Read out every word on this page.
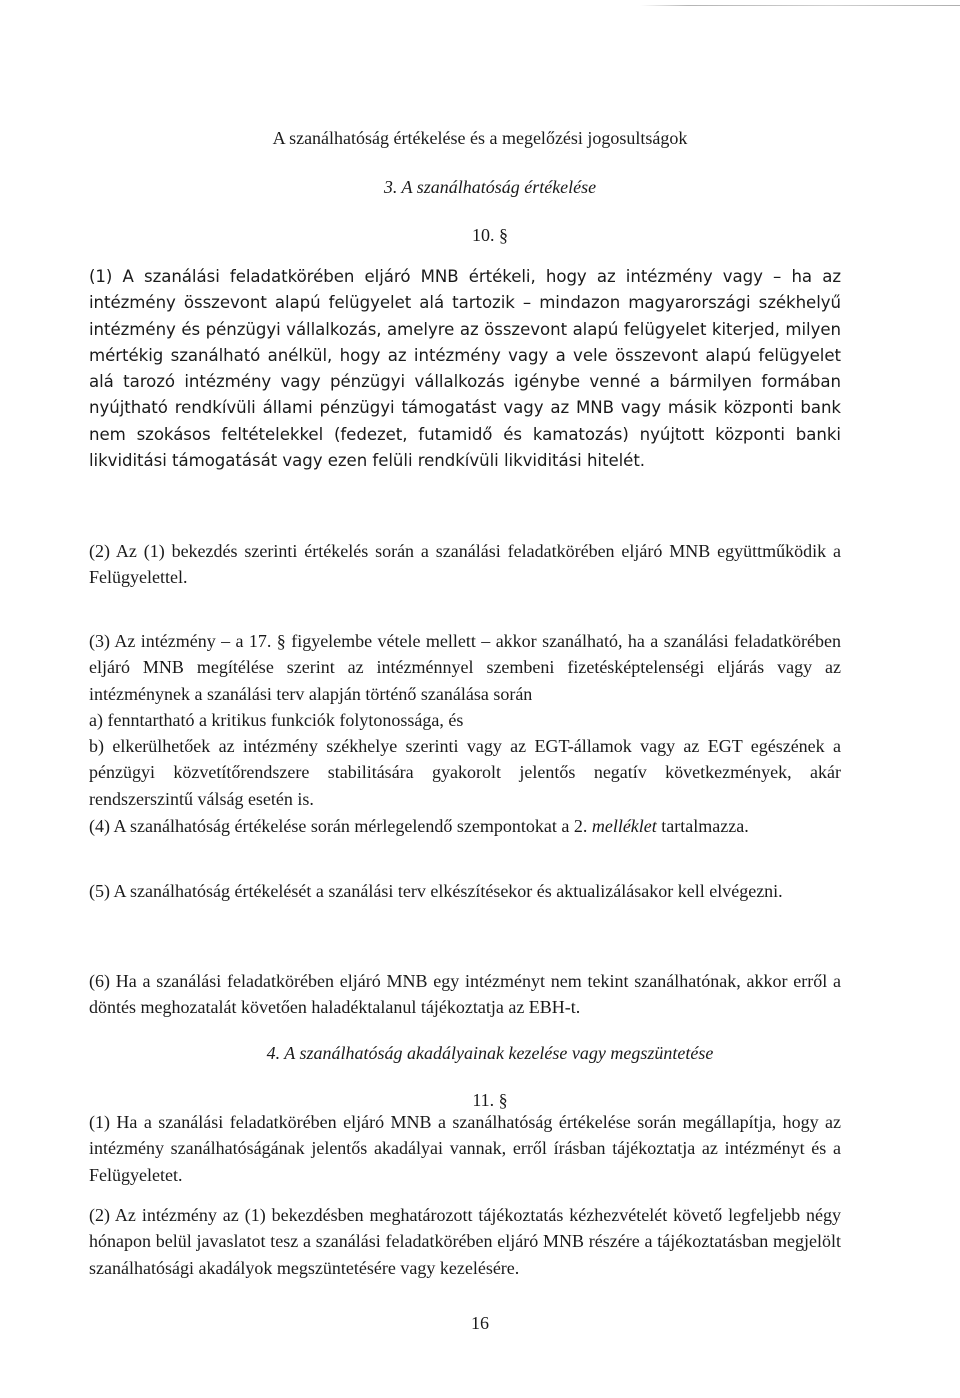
A szanálhatóság értékelése és a megelőzési jogosultságok
3. A szanálhatóság értékelése
10. §

(1) A szanálási feladatkörében eljáró MNB értékeli, hogy az intézmény vagy – ha az intézmény összevont alapú felügyelet alá tartozik – mindazon magyarországi székhelyű intézmény és pénzügyi vállalkozás, amelyre az összevont alapú felügyelet kiterjed, milyen mértékig szanálható anélkül, hogy az intézmény vagy a vele összevont alapú felügyelet alá tarozó intézmény vagy pénzügyi vállalkozás igénybe venné a bármilyen formában nyújtható rendkívüli állami pénzügyi támogatást vagy az MNB vagy másik központi bank nem szokásos feltételekkel (fedezet, futamidő és kamatozás) nyújtott központi banki likviditási támogatását vagy ezen felüli rendkívüli likviditási hitelét.

(2) Az (1) bekezdés szerinti értékelés során a szanálási feladatkörében eljáró MNB együttműködik a Felügyelettel.

(3) Az intézmény – a 17. § figyelembe vétele mellett – akkor szanálható, ha a szanálási feladatkörében eljáró MNB megítélése szerint az intézménnyel szembeni fizetésképtelenségi eljárás vagy az intézménynek a szanálási terv alapján történő szanálása során

a) fenntartható a kritikus funkciók folytonossága, és

b) elkerülhetőek az intézmény székhelye szerinti vagy az EGT-államok vagy az EGT egészének a pénzügyi közvetítőrendszere stabilitására gyakorolt jelentős negatív következmények, akár rendszerszintű válság esetén is.

(4) A szanálhatóság értékelése során mérlegelendő szempontokat a 2. melléklet tartalmazza.

(5) A szanálhatóság értékelését a szanálási terv elkészítésekor és aktualizálásakor kell elvégezni.

(6) Ha a szanálási feladatkörében eljáró MNB egy intézményt nem tekint szanálhatónak, akkor erről a döntés meghozatalát követően haladéktalanul tájékoztatja az EBH-t.

4. A szanálhatóság akadályainak kezelése vagy megszüntetése
11. §

(1) Ha a szanálási feladatkörében eljáró MNB a szanálhatóság értékelése során megállapítja, hogy az intézmény szanálhatóságának jelentős akadályai vannak, erről írásban tájékoztatja az intézményt és a Felügyeletet.

(2) Az intézmény az (1) bekezdésben meghatározott tájékoztatás kézhezvételét követő legfeljebb négy hónapon belül javaslatot tesz a szanálási feladatkörében eljáró MNB részére a tájékoztatásban megjelölt szanálhatósági akadályok megszüntetésére vagy kezelésére.

16
